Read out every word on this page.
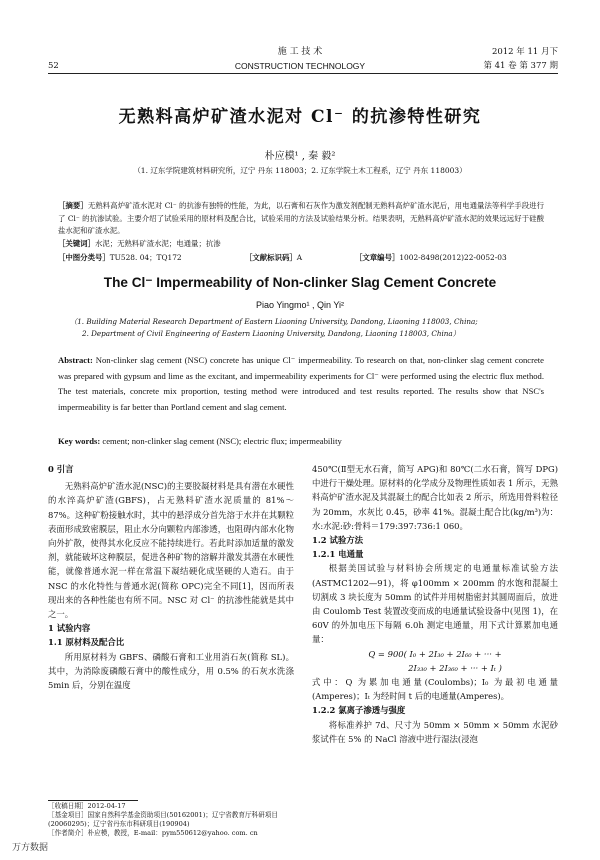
52
施 工 技 术
CONSTRUCTION TECHNOLOGY
2012 年 11 月下
第 41 卷 第 377 期
无熟料高炉矿渣水泥对 Cl⁻ 的抗渗特性研究
朴应模¹ , 秦 毅²
（1. 辽东学院建筑材料研究所，辽宁 丹东 118003；2. 辽东学院土木工程系，辽宁 丹东 118003）
［摘要］无熟料高炉矿渣水泥对 Cl⁻ 的抗渗有独特的性能，为此，以石膏和石灰作为激发剂配制无熟料高炉矿渣水泥后，用电通量法等科学手段进行了 Cl⁻ 的抗渗试验。主要介绍了试验采用的原材料及配合比，试验采用的方法及试验结果分析。结果表明，无熟料高炉矿渣水泥的效果远远好于硅酸盐水泥和矿渣水泥。
［关键词］水泥；无熟料矿渣水泥；电通量；抗渗
［中图分类号］TU528. 04；TQ172	［文献标识码］A	［文章编号］1002-8498(2012)22-0052-03
The Cl⁻ Impermeability of Non-clinker Slag Cement Concrete
Piao Yingmo¹ , Qin Yi²
（1. Building Material Research Department of Eastern Liaoning University, Dandong, Liaoning 118003, China;
2. Department of Civil Engineering of Eastern Liaoning University, Dandong, Liaoning 118003, China）
Abstract: Non-clinker slag cement (NSC) concrete has unique Cl⁻ impermeability. To research on that, non-clinker slag cement concrete was prepared with gypsum and lime as the excitant, and impermeability experiments for Cl⁻ were performed using the electric flux method. The test materials, concrete mix proportion, testing method were introduced and test results reported. The results show that NSC's impermeability is far better than Portland cement and slag cement.
Key words: cement; non-clinker slag cement (NSC); electric flux; impermeability

0 引言

无熟料高炉矿渣水泥(NSC)的主要胶凝材料是具有潜在水硬性的水淬高炉矿渣(GBFS)，占无熟料矿渣水泥质量的 81%～87%。这种矿粉接触水时，其中的悬浮成分首先溶于水并在其颗粒表面形成致密膜层，阻止水分向颗粒内部渗透，也阻碍内部水化物向外扩散，使得其水化反应不能持续进行。若此时添加适量的激发剂，就能破坏这种膜层，促进各种矿物的溶解并激发其潜在水硬性能，就像普通水泥一样在常温下凝结硬化成坚硬的人造石。由于 NSC 的水化特性与普通水泥(简称 OPC)完全不同[1]，因而所表现出来的各种性能也有所不同。NSC 对 Cl⁻ 的抗渗性能就是其中之一。

1 试验内容

1.1 原材料及配合比

所用原材料为 GBFS、磷酸石膏和工业用消石灰(简称 SL)。其中，为消除废磷酸石膏中的酸性成分，用 0.5% 的石灰水洗涤 5min 后，分别在温度

450℃(Ⅱ型无水石膏，简写 APG)和 80℃(二水石膏，简写 DPG)中进行干燥处理。原材料的化学成分及物理性质如表 1 所示，无熟料高炉矿渣水泥及其混凝土的配合比如表 2 所示，所选用骨料粒径为 20mm，水灰比 0.45，砂率 41%。混凝土配合比(kg/m³)为：水:水泥:砂:骨料＝179:397:736:1 060。

1.2 试验方法

1.2.1 电通量

根据美国试验与材料协会所规定的电通量标准试验方法(ASTMC1202—91)，将 φ100mm × 200mm 的水饱和混凝土切割成 3 块长度为 50mm 的试件并用树脂密封其圆周面后，放进由 Coulomb Test 装置改变而成的电通量试验设备中(见图 1)，在 60V 的外加电压下每隔 6.0h 测定电通量，用下式计算累加电通量：

Q = 900( I₀ + 2I₃₀ + 2I₆₀ + ··· +

2I₃₃₀ + 2I₃₆₀ + ··· + Iₜ )

式中：Q 为累加电通量(Coulombs)；I₀ 为最初电通量(Amperes)；Iₜ 为经时间 t 后的电通量(Amperes)。

1.2.2 氯离子渗透与强度

将标准养护 7d、尺寸为 50mm × 50mm × 50mm 水泥砂浆试件在 5% 的 NaCl 溶液中进行湿法(浸泡

［收稿日期］2012-04-17
［基金项目］国家自然科学基金资助项目(50162001)；辽宁省教育厅科研项目(20060295)；辽宁省丹东市科研项目(190904)
［作者简介］朴应模，教授，E-mail：pym550612@yahoo. com. cn
万方数据
